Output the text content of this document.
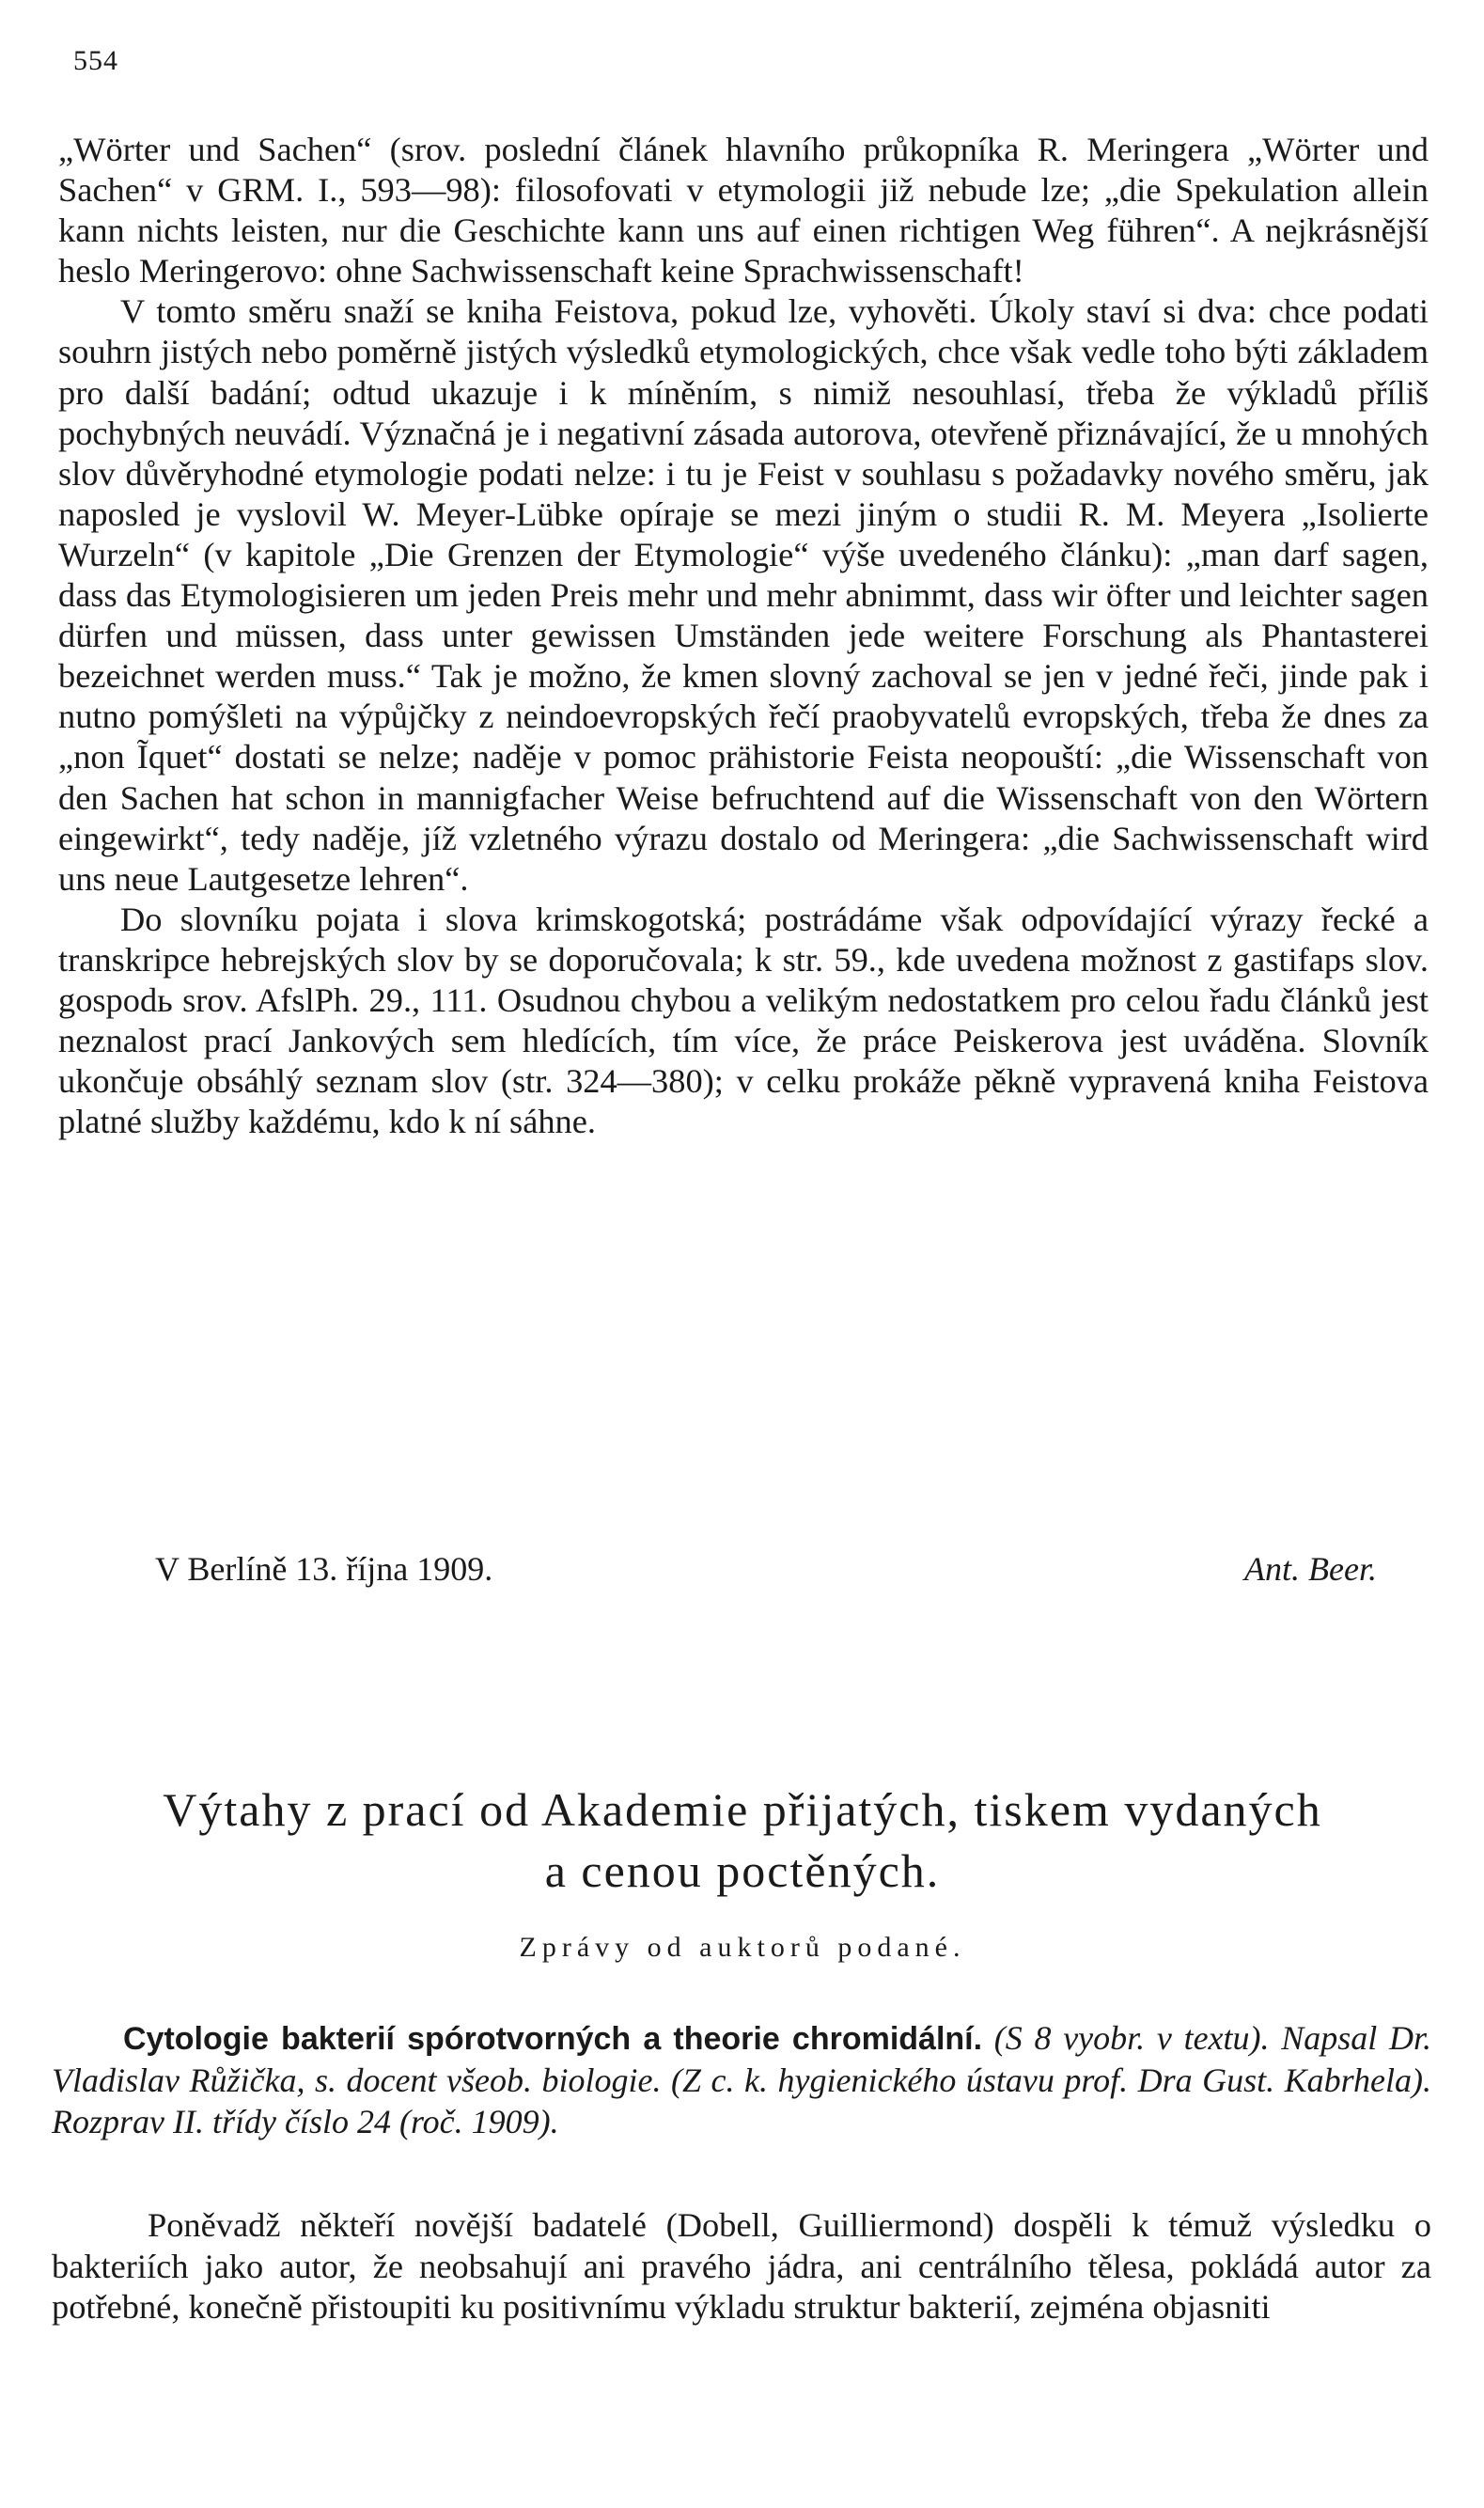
554

„Wörter und Sachen“ (srov. poslední článek hlavního průkopníka R. Meringera „Wörter und Sachen“ v GRM. I., 593—98): filosofovati v etymologii již nebude lze; „die Spekulation allein kann nichts leisten, nur die Geschichte kann uns auf einen richtigen Weg führen“. A nejkrásnější heslo Meringerovo: ohne Sachwissenschaft keine Sprachwissenschaft!

V tomto směru snaží se kniha Feistova, pokud lze, vyhověti. Úkoly staví si dva: chce podati souhrn jistých nebo poměrně jistých výsledků etymologických, chce však vedle toho býti základem pro další badání; odtud ukazuje i k míněním, s nimiž nesouhlasí, třeba že výkladů příliš pochybných neuvádí. Význačná je i negativní zásada autorova, otevřeně přiznávající, že u mnohých slov důvěryhodné etymologie podati nelze: i tu je Feist v souhlasu s požadavky nového směru, jak naposled je vyslovil W. Meyer-Lübke opíraje se mezi jiným o studii R. M. Meyera „Isolierte Wurzeln“ (v kapitole „Die Grenzen der Etymologie“ výše uvedeného článku): „man darf sagen, dass das Etymologisieren um jeden Preis mehr und mehr abnimmt, dass wir öfter und leichter sagen dürfen und müssen, dass unter gewissen Umständen jede weitere Forschung als Phantasterei bezeichnet werden muss.“ Tak je možno, že kmen slovný zachoval se jen v jedné řeči, jinde pak i nutno pomýšleti na výpůjčky z neindoevropských řečí praobyvatelů evropských, třeba že dnes za „non Ĩquet“ dostati se nelze; naděje v pomoc prähistorie Feista neopouští: „die Wissenschaft von den Sachen hat schon in mannigfacher Weise befruchtend auf die Wissenschaft von den Wörtern eingewirkt“, tedy naděje, jíž vzletného výrazu dostalo od Meringera: „die Sachwissenschaft wird uns neue Lautgesetze lehren“.

Do slovníku pojata i slova krimskogotská; postrádáme však odpovídající výrazy řecké a transkripce hebrejských slov by se doporučovala; k str. 59., kde uvedena možnost z gastifaps slov. gospodь srov. AfslPh. 29., 111. Osudnou chybou a velikým nedostatkem pro celou řadu článků jest neznalost prací Jankových sem hledících, tím více, že práce Peiskerova jest uváděna. Slovník ukončuje obsáhlý seznam slov (str. 324—380); v celku prokáže pěkně vypravená kniha Feistova platné služby každému, kdo k ní sáhne.

V Berlíně 13. října 1909.	Ant. Beer.
Výtahy z prací od Akademie přijatých, tiskem vydaných
a cenou poctěných.
Zprávy od auktorů podané.
Cytologie bakterií spórotvorných a theorie chromidální. (S 8 vyobr. v textu). Napsal Dr. Vladislav Růžička, s. docent všeob. biologie. (Z c. k. hygienického ústavu prof. Dra Gust. Kabrhela). Rozprav II. třídy číslo 24 (roč. 1909).
Poněvadž někteří novější badatelé (Dobell, Guilliermond) dospěli k témuž výsledku o bakteriích jako autor, že neobsahují ani pravého jádra, ani centrálního tělesa, pokládá autor za potřebné, konečně přistoupiti ku positivnímu výkladu struktur bakterií, zejména objasniti
